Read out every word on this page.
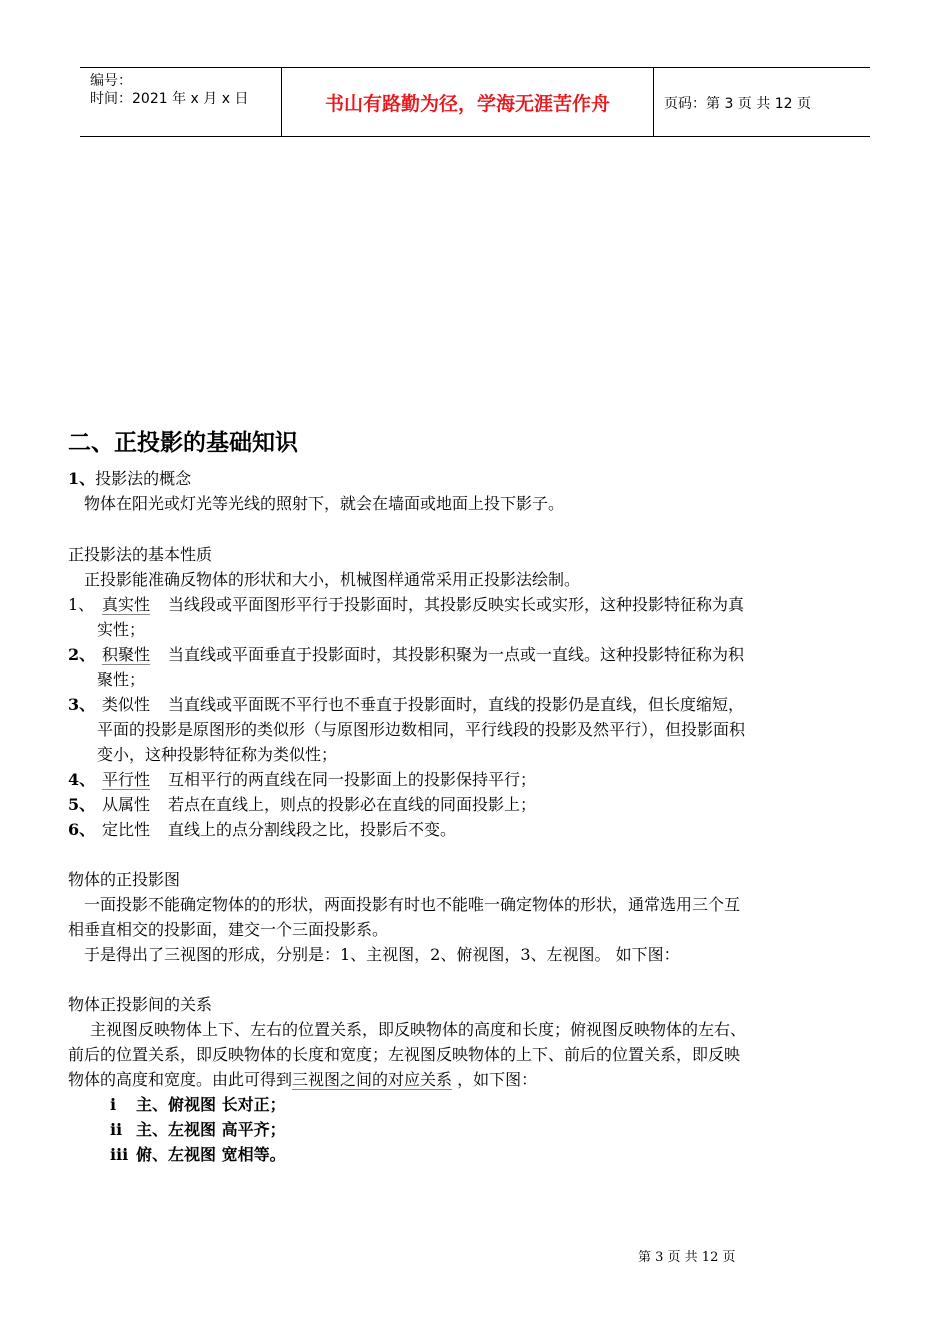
编号：
时间：2021 年 x 月 x 日	书山有路勤为径，学海无涯苦作舟	页码：第 3 页 共 12 页
二、正投影的基础知识
1、投影法的概念
物体在阳光或灯光等光线的照射下，就会在墙面或地面上投下影子。
正投影法的基本性质
正投影能准确反物体的形状和大小，机械图样通常采用正投影法绘制。
1、 真实性 当线段或平面图形平行于投影面时，其投影反映实长或实形，这种投影特征称为真
实性；
2、 积聚性 当直线或平面垂直于投影面时，其投影积聚为一点或一直线。这种投影特征称为积
聚性；
3、 类似性 当直线或平面既不平行也不垂直于投影面时，直线的投影仍是直线，但长度缩短，
平面的投影是原图形的类似形（与原图形边数相同，平行线段的投影及然平行），但投影面积
变小，这种投影特征称为类似性；
4、 平行性 互相平行的两直线在同一投影面上的投影保持平行；
5、 从属性 若点在直线上，则点的投影必在直线的同面投影上；
6、 定比性 直线上的点分割线段之比，投影后不变。
物体的正投影图
一面投影不能确定物体的的形状，两面投影有时也不能唯一确定物体的形状，通常选用三个互
相垂直相交的投影面，建交一个三面投影系。
于是得出了三视图的形成，分别是：1、主视图，2、俯视图，3、左视图。 如下图：
物体正投影间的关系
主视图反映物体上下、左右的位置关系，即反映物体的高度和长度；俯视图反映物体的左右、
前后的位置关系，即反映物体的长度和宽度；左视图反映物体的上下、前后的位置关系，即反映
物体的高度和宽度。由此可得到三视图之间的对应关系 ，如下图：
ⅰ 主、俯视图 长对正；
ⅱ 主、左视图 高平齐；
ⅲ 俯、左视图 宽相等。
第 3 页 共 12 页
